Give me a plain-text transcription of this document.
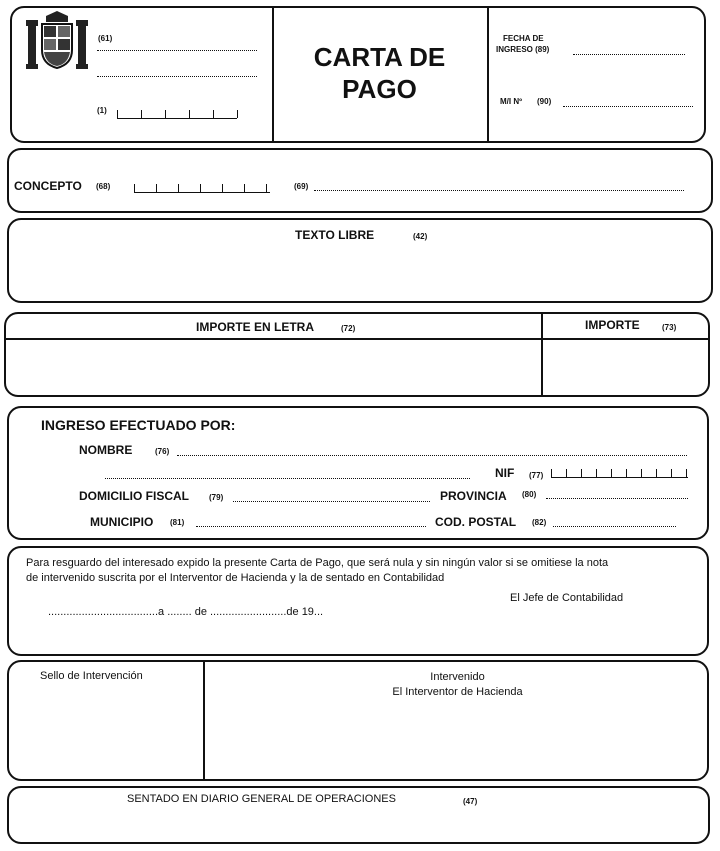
(61)
(1)
CARTA DE
PAGO
FECHA DE
INGRESO (89)
M/I Nº (90)
CONCEPTO (68)	(69)
TEXTO LIBRE	(42)
IMPORTE EN LETRA	(72)	IMPORTE	(73)
INGRESO EFECTUADO POR:
NOMBRE	(76)
NIF (77)
DOMICILIO FISCAL	(79)	PROVINCIA (80)
MUNICIPIO (81)	COD. POSTAL (82)
Para resguardo del interesado expido la presente Carta de Pago, que será nula y sin ningún valor si se omitiese la nota
de intervenido suscrita por el Interventor de Hacienda y la de sentado en Contabilidad
El Jefe de Contabilidad
....................................a ........ de .........................de 19...
Sello de Intervención	Intervenido
El Interventor de Hacienda
SENTADO EN DIARIO GENERAL DE OPERACIONES	(47)
